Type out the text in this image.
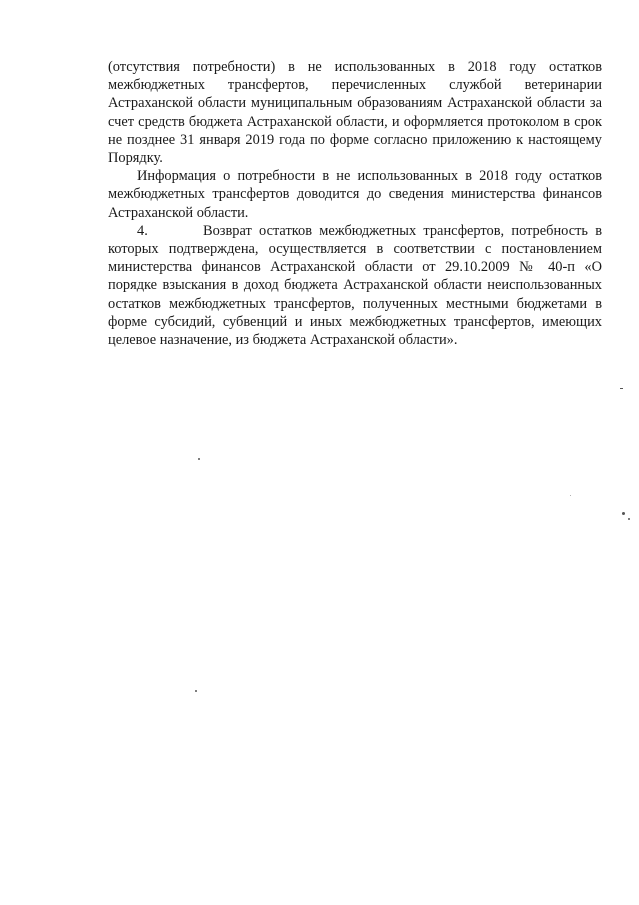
(отсутствия потребности) в не использованных в 2018 году остатков межбюджетных трансфертов, перечисленных службой ветеринарии Астраханской области муниципальным образованиям Астраханской области за счет средств бюджета Астраханской области, и оформляется протоколом в срок не позднее 31 января 2019 года по форме согласно приложению к настоящему Порядку.

Информация о потребности в не использованных в 2018 году остатков межбюджетных трансфертов доводится до сведения министерства финансов Астраханской области.

4.	Возврат остатков межбюджетных трансфертов, потребность в которых подтверждена, осуществляется в соответствии с постановлением министерства финансов Астраханской области от 29.10.2009 № 40-п «О порядке взыскания в доход бюджета Астраханской области неиспользованных остатков межбюджетных трансфертов, полученных местными бюджетами в форме субсидий, субвенций и иных межбюджетных трансфертов, имеющих целевое назначение, из бюджета Астраханской области».
